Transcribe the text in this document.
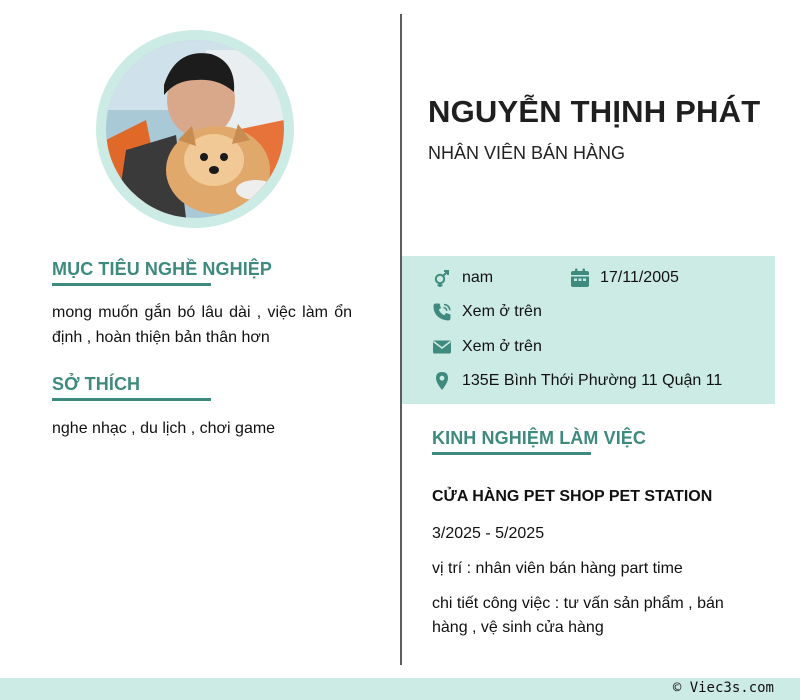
MỤC TIÊU NGHỀ NGHIỆP

mong muốn gắn bó lâu dài , việc làm ổn định , hoàn thiện bản thân hơn

SỞ THÍCH

nghe nhạc , du lịch , chơi game

NGUYỄN THỊNH PHÁT

NHÂN VIÊN BÁN HÀNG

nam	17/11/2005
Xem ở trên
Xem ở trên
135E Bình Thới Phường 11 Quận 11
KINH NGHIỆM LÀM VIỆC

CỬA HÀNG PET SHOP PET STATION

3/2025 - 5/2025

vị trí : nhân viên bán hàng part time

chi tiết công việc : tư vấn sản phẩm , bán hàng , vệ sinh cửa hàng

© Viec3s.com
